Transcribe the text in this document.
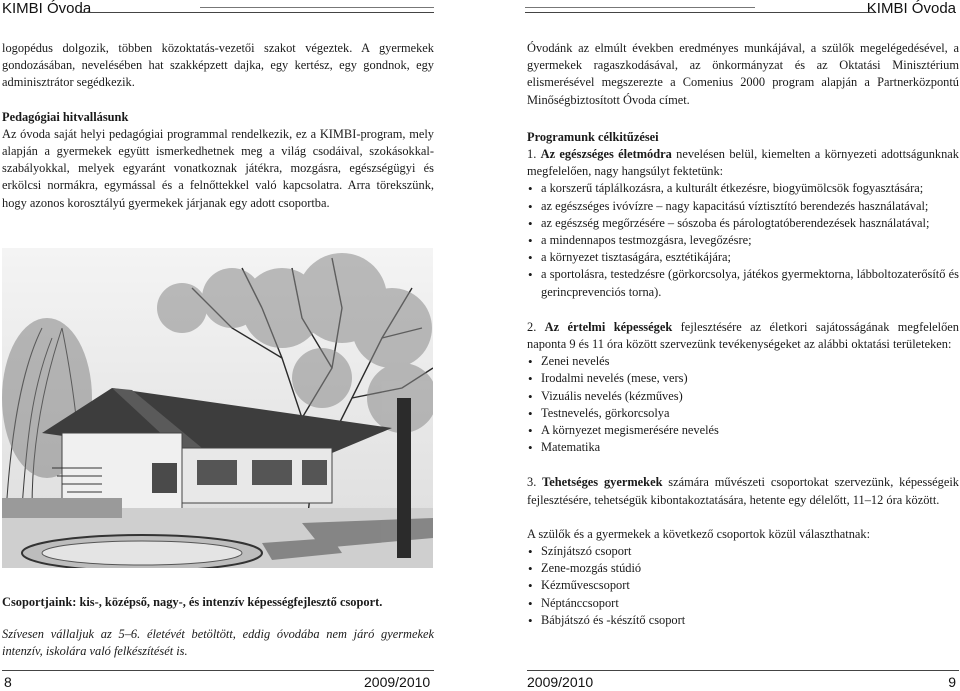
KIMBI Óvoda	KIMBI Óvoda

logopédus dolgozik, többen közoktatás-vezetői szakot végeztek. A gyermekek gondozásában, nevelésében hat szakképzett dajka, egy kertész, egy gondnok, egy adminisztrátor segédkezik.

Pedagógiai hitvallásunk

Az óvoda saját helyi pedagógiai programmal rendelkezik, ez a KIMBI-program, mely alapján a gyermekek együtt ismerkedhetnek meg a világ csodáival, szokásokkal-szabályokkal, melyek egyaránt vonatkoznak játékra, mozgásra, egészségügyi és erkölcsi normákra, egymással és a felnőttekkel való kapcsolatra. Arra törekszünk, hogy azonos korosztályú gyermekek járjanak egy adott csoportba.

Csoportjaink: kis-, középső, nagy-, és intenzív képességfejlesztő csoport.

Szívesen vállaljuk az 5–6. életévét betöltött, eddig óvodába nem járó gyermekek intenzív, iskolára való felkészítését is.

Óvodánk az elmúlt években eredményes munkájával, a szülők megelégedésével, a gyermekek ragaszkodásával, az önkormányzat és az Oktatási Minisztérium elismerésével megszerezte a Comenius 2000 program alapján a Partnerközpontú Minőségbiztosított Óvoda címet.

Programunk célkitűzései

1. Az egészséges életmódra nevelésen belül, kiemelten a környezeti adottságunknak megfelelően, nagy hangsúlyt fektetünk:

• a korszerű táplálkozásra, a kulturált étkezésre, biogyümölcsök fogyasztására;
• az egészséges ivóvízre – nagy kapacitású víztisztító berendezés használatával;
• az egészség megőrzésére – sószoba és párologtatóberendezések használatával;
• a mindennapos testmozgásra, levegőzésre;
• a környezet tisztaságára, esztétikájára;
• a sportolásra, testedzésre (görkorcsolya, játékos gyermektorna, lábboltozaterősítő és gerincprevenciós torna).

2. Az értelmi képességek fejlesztésére az életkori sajátosságának megfelelően naponta 9 és 11 óra között szervezünk tevékenységeket az alábbi oktatási területeken:

• Zenei nevelés
• Irodalmi nevelés (mese, vers)
• Vizuális nevelés (kézműves)
• Testnevelés, görkorcsolya
• A környezet megismerésére nevelés
• Matematika

3. Tehetséges gyermekek számára művészeti csoportokat szervezünk, képességeik fejlesztésére, tehetségük kibontakoztatására, hetente egy délelőtt, 11–12 óra között.

A szülők és a gyermekek a következő csoportok közül választhatnak:

• Színjátszó csoport
• Zene-mozgás stúdió
• Kézművescsoport
• Néptánccsoport
• Bábjátszó és -készítő csoport
8	2009/2010	2009/2010	9
